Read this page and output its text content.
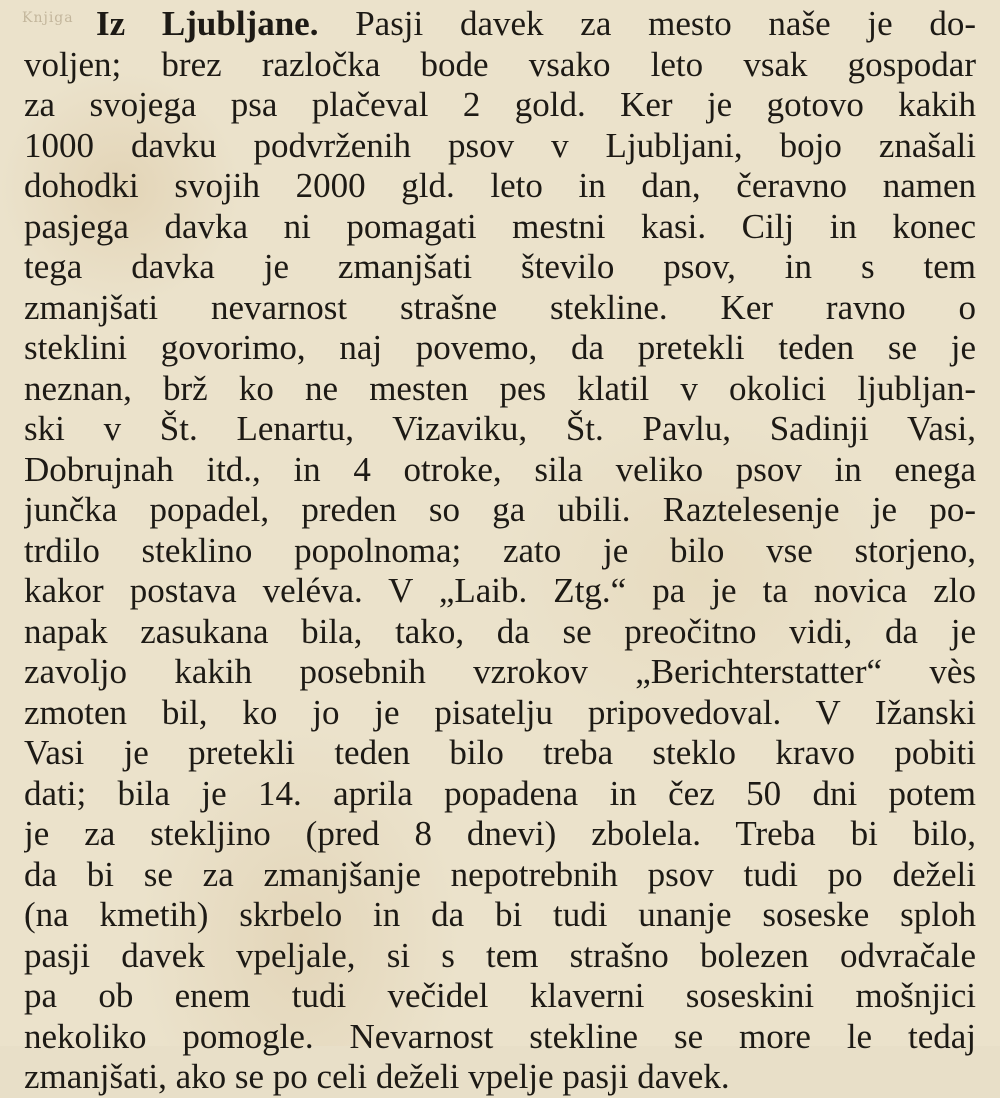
Knjiga Iz Ljubljane. Pasji davek za mesto naše je do-
voljen; brez razločka bode vsako leto vsak gospodar
za svojega psa plačeval 2 gold. Ker je gotovo kakih
1000 davku podvrženih psov v Ljubljani, bojo znašali
dohodki svojih 2000 gld. leto in dan, čeravno namen
pasjega davka ni pomagati mestni kasi. Cilj in konec
tega davka je zmanjšati število psov, in s tem
zmanjšati nevarnost strašne stekline. Ker ravno o
steklini govorimo, naj povemo, da pretekli teden se je
neznan, brž ko ne mesten pes klatil v okolici ljubljan-
ski v Št. Lenartu, Vizaviku, Št. Pavlu, Sadinji Vasi,
Dobrujnah itd., in 4 otroke, sila veliko psov in enega
junčka popadel, preden so ga ubili. Raztelesenje je po-
trdilo steklino popolnoma; zato je bilo vse storjeno,
kakor postava veléva. V „Laib. Ztg.“ pa je ta novica zlo
napak zasukana bila, tako, da se preočitno vidi, da je
zavoljo kakih posebnih vzrokov „Berichterstatter“ vès
zmoten bil, ko jo je pisatelju pripovedoval. V Ižanski
Vasi je pretekli teden bilo treba steklo kravo pobiti
dati; bila je 14. aprila popadena in čez 50 dni potem
je za stekljino (pred 8 dnevi) zbolela. Treba bi bilo,
da bi se za zmanjšanje nepotrebnih psov tudi po deželi
(na kmetih) skrbelo in da bi tudi unanje soseske sploh
pasji davek vpeljale, si s tem strašno bolezen odvračale
pa ob enem tudi večidel klaverni soseskini mošnjici
nekoliko pomogle. Nevarnost stekline se more le tedaj
zmanjšati, ako se po celi deželi vpelje pasji davek.
